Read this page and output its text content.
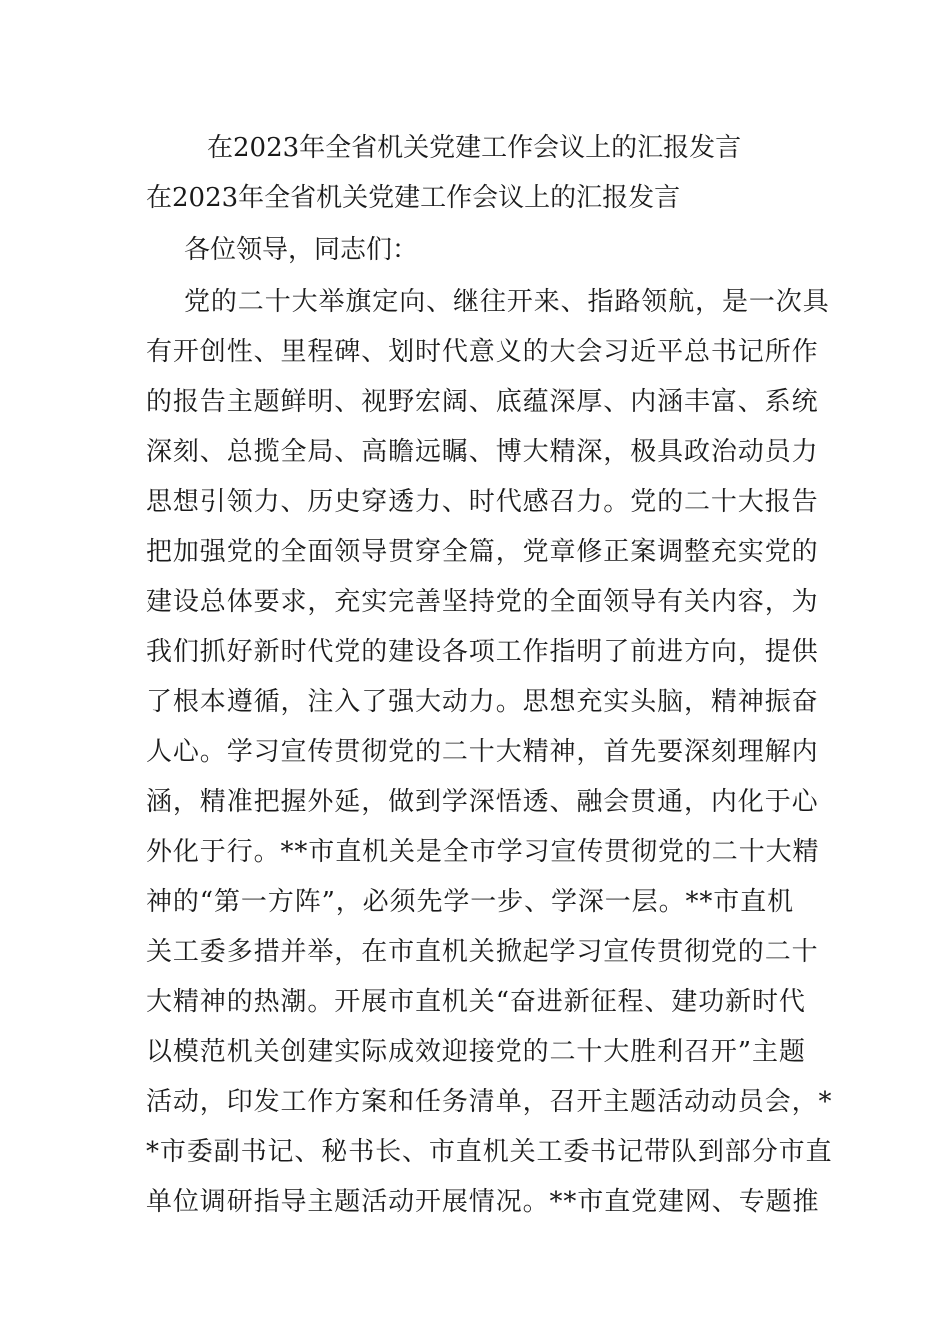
在2023年全省机关党建工作会议上的汇报发言
在2023年全省机关党建工作会议上的汇报发言

各位领导，同志们：

党的二十大举旗定向、继往开来、指路领航，是一次具
有开创性、里程碑、划时代意义的大会习近平总书记所作
的报告主题鲜明、视野宏阔、底蕴深厚、内涵丰富、系统
深刻、总揽全局、高瞻远瞩、博大精深，极具政治动员力
思想引领力、历史穿透力、时代感召力。党的二十大报告
把加强党的全面领导贯穿全篇，党章修正案调整充实党的
建设总体要求，充实完善坚持党的全面领导有关内容，为
我们抓好新时代党的建设各项工作指明了前进方向，提供
了根本遵循，注入了强大动力。思想充实头脑，精神振奋
人心。学习宣传贯彻党的二十大精神，首先要深刻理解内
涵，精准把握外延，做到学深悟透、融会贯通，内化于心
外化于行。**市直机关是全市学习宣传贯彻党的二十大精
神的“第一方阵”，必须先学一步、学深一层。**市直机
关工委多措并举，在市直机关掀起学习宣传贯彻党的二十
大精神的热潮。开展市直机关“奋进新征程、建功新时代
以模范机关创建实际成效迎接党的二十大胜利召开”主题
活动，印发工作方案和任务清单，召开主题活动动员会，*
*市委副书记、秘书长、市直机关工委书记带队到部分市直
单位调研指导主题活动开展情况。**市直党建网、专题推
